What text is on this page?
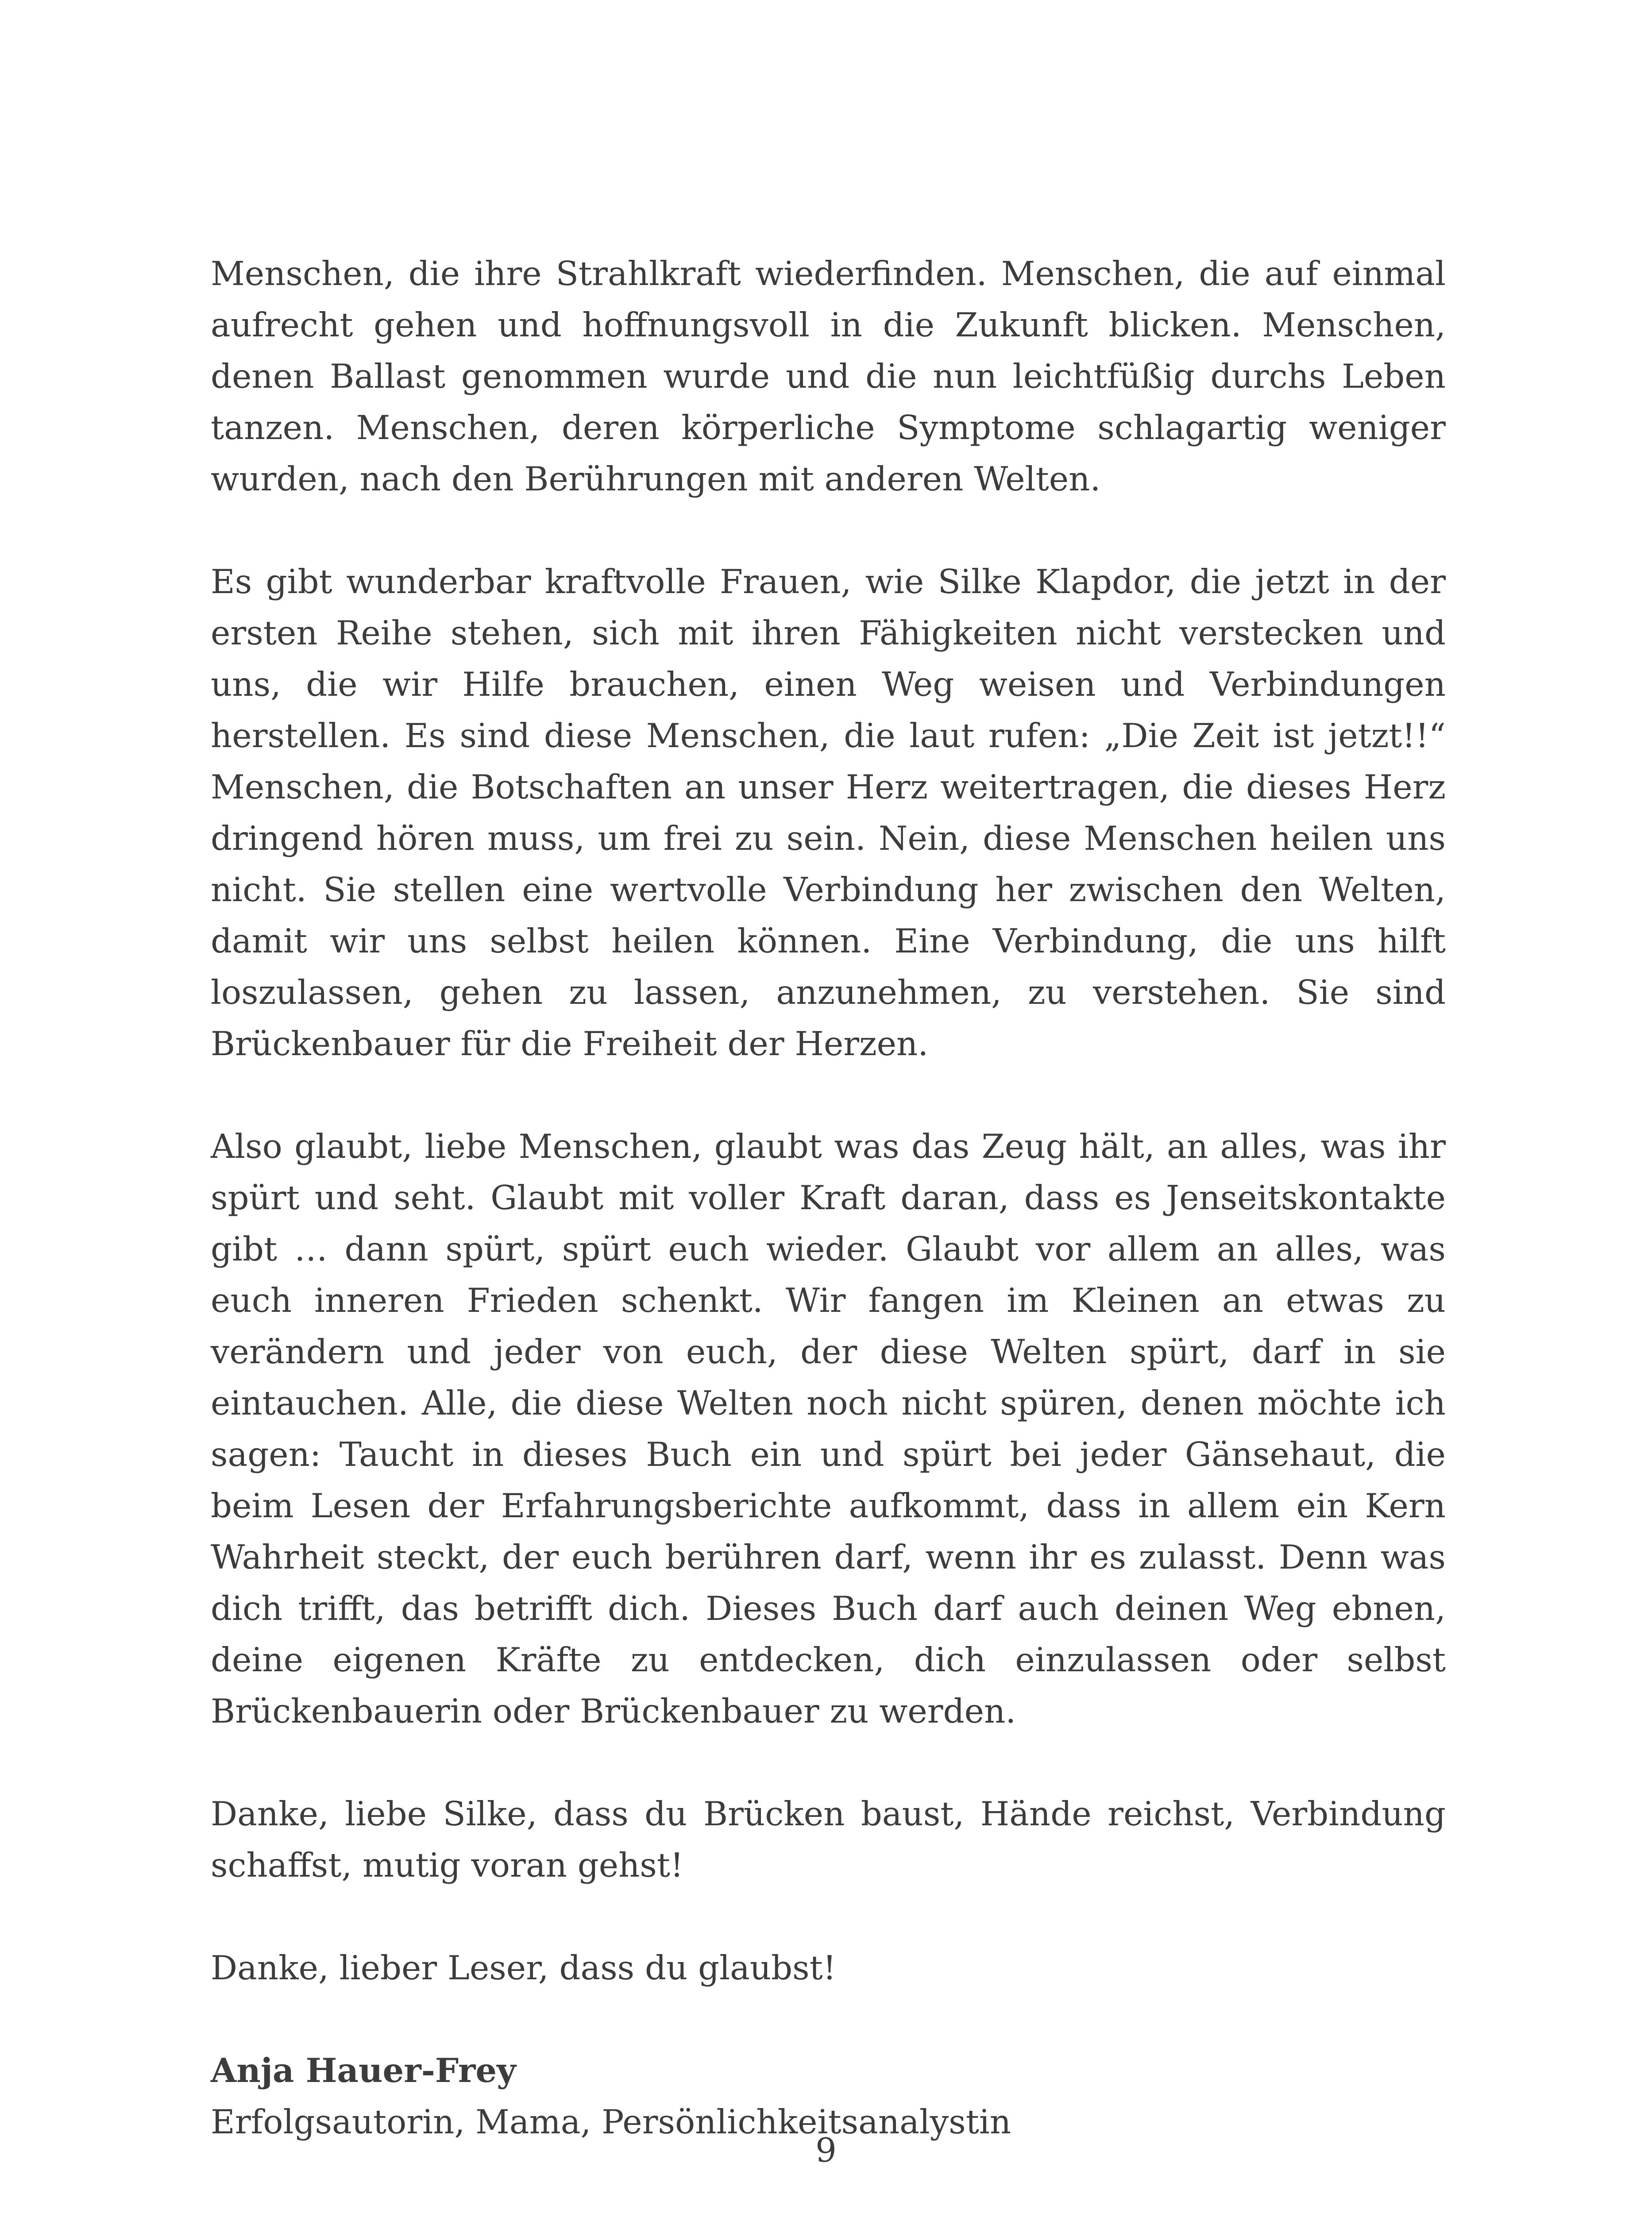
Menschen, die ihre Strahlkraft wiederfinden. Menschen, die auf einmal aufrecht gehen und hoffnungsvoll in die Zukunft blicken. Menschen, denen Ballast genommen wurde und die nun leichtfüßig durchs Leben tanzen. Menschen, deren körperliche Symptome schlagartig weniger wurden, nach den Berührungen mit anderen Welten.

Es gibt wunderbar kraftvolle Frauen, wie Silke Klapdor, die jetzt in der ersten Reihe stehen, sich mit ihren Fähigkeiten nicht verstecken und uns, die wir Hilfe brauchen, einen Weg weisen und Verbindungen herstellen. Es sind diese Menschen, die laut rufen: „Die Zeit ist jetzt!!“ Menschen, die Botschaften an unser Herz weitertragen, die dieses Herz dringend hören muss, um frei zu sein. Nein, diese Menschen heilen uns nicht. Sie stellen eine wertvolle Verbindung her zwischen den Welten, damit wir uns selbst heilen können. Eine Verbindung, die uns hilft loszulassen, gehen zu lassen, anzunehmen, zu verstehen. Sie sind Brückenbauer für die Freiheit der Herzen.

Also glaubt, liebe Menschen, glaubt was das Zeug hält, an alles, was ihr spürt und seht. Glaubt mit voller Kraft daran, dass es Jenseitskontakte gibt … dann spürt, spürt euch wieder. Glaubt vor allem an alles, was euch inneren Frieden schenkt. Wir fangen im Kleinen an etwas zu verändern und jeder von euch, der diese Welten spürt, darf in sie eintauchen. Alle, die diese Welten noch nicht spüren, denen möchte ich sagen: Taucht in dieses Buch ein und spürt bei jeder Gänsehaut, die beim Lesen der Erfahrungsberichte aufkommt, dass in allem ein Kern Wahrheit steckt, der euch berühren darf, wenn ihr es zulasst. Denn was dich trifft, das betrifft dich. Dieses Buch darf auch deinen Weg ebnen, deine eigenen Kräfte zu entdecken, dich einzulassen oder selbst Brückenbauerin oder Brückenbauer zu werden.

Danke, liebe Silke, dass du Brücken baust, Hände reichst, Verbindung schaffst, mutig voran gehst!

Danke, lieber Leser, dass du glaubst!

Anja Hauer-Frey
Erfolgsautorin, Mama, Persönlichkeitsanalystin
9
